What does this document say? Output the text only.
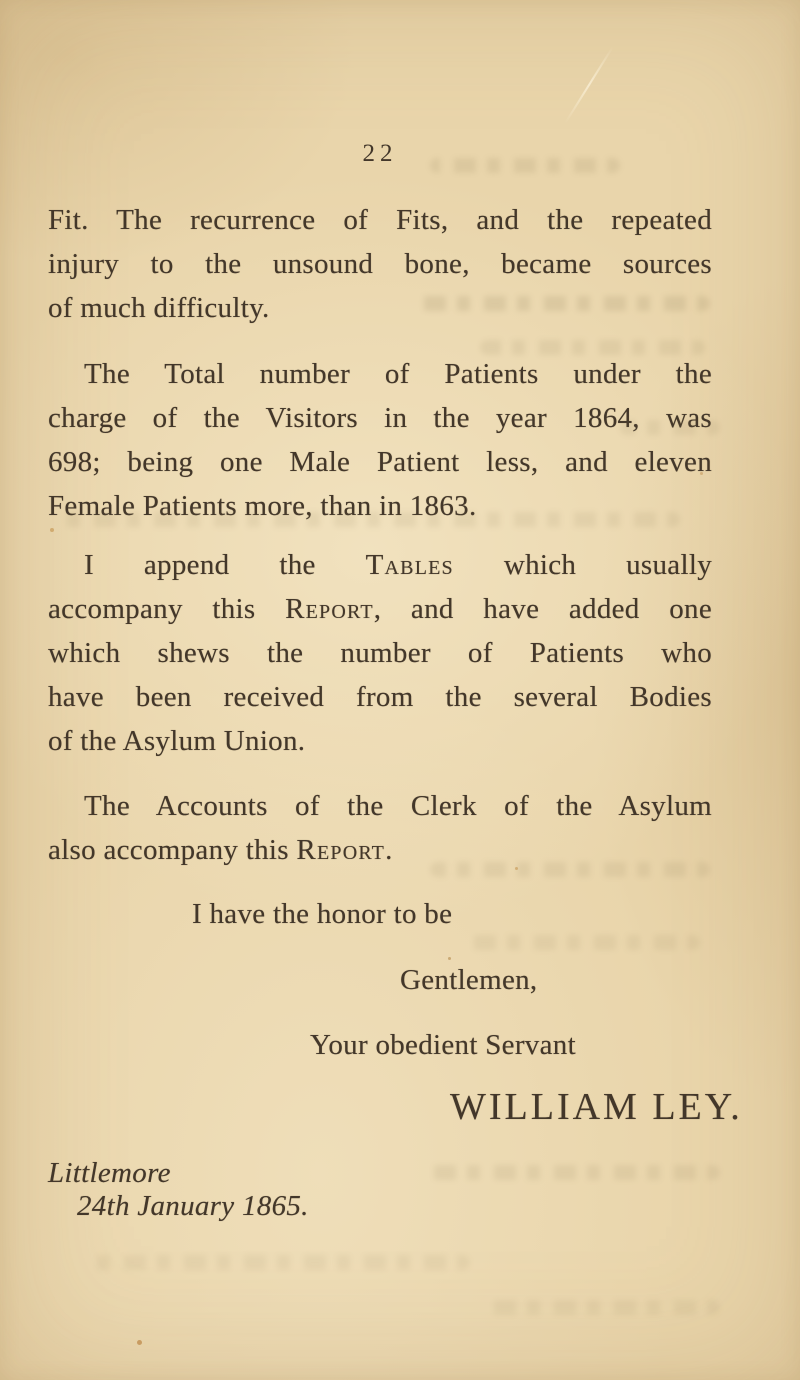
22
Fit. The recurrence of Fits, and the repeated
injury to the unsound bone, became sources
of much difficulty.
The Total number of Patients under the
charge of the Visitors in the year 1864, was
698; being one Male Patient less, and eleven
Female Patients more, than in 1863.
I append the Tables which usually
accompany this Report, and have added one
which shews the number of Patients who
have been received from the several Bodies
of the Asylum Union.
The Accounts of the Clerk of the Asylum
also accompany this Report.
I have the honor to be
Gentlemen,
Your obedient Servant
WILLIAM LEY.
Littlemore
24th January 1865.
